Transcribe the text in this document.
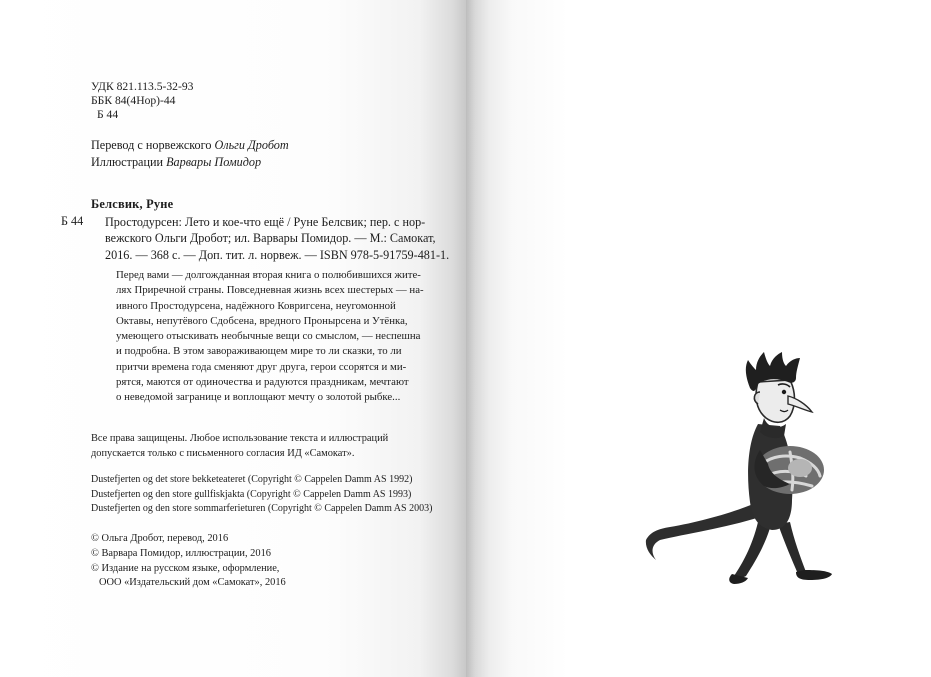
УДК 821.113.5-32-93
ББК 84(4Нор)-44
Б 44
Перевод с норвежского Ольги Дробот
Иллюстрации Варвары Помидор
Белсвик, Руне
Б 44 Простодурсен: Лето и кое-что ещё / Руне Белсвик; пер. с нор-
вежского Ольги Дробот; ил. Варвары Помидор. — М.: Самокат,
2016. — 368 с. — Доп. тит. л. норвеж. — ISBN 978-5-91759-481-1.
Перед вами — долгожданная вторая книга о полюбившихся жите-
лях Приречной страны. Повседневная жизнь всех шестерых — на-
ивного Простодурсена, надёжного Ковригсена, неугомонной
Октавы, непутёвого Сдобсена, вредного Пронырсена и Утёнка,
умеющего отыскивать необычные вещи со смыслом, — неспешна
и подробна. В этом завораживающем мире то ли сказки, то ли
притчи времена года сменяют друг друга, герои ссорятся и ми-
рятся, маются от одиночества и радуются праздникам, мечтают
о неведомой загранице и воплощают мечту о золотой рыбке...
Все права защищены. Любое использование текста и иллюстраций
допускается только с письменного согласия ИД «Самокат».
Dustefjerten og det store bekketeateret (Copyright © Cappelen Damm AS 1992)
Dustefjerten og den store gullfiskjakta (Copyright © Cappelen Damm AS 1993)
Dustefjerten og den store sommarferieturen (Copyright © Cappelen Damm AS 2003)
© Ольга Дробот, перевод, 2016
© Варвара Помидор, иллюстрации, 2016
© Издание на русском языке, оформление,
ООО «Издательский дом «Самокат», 2016
